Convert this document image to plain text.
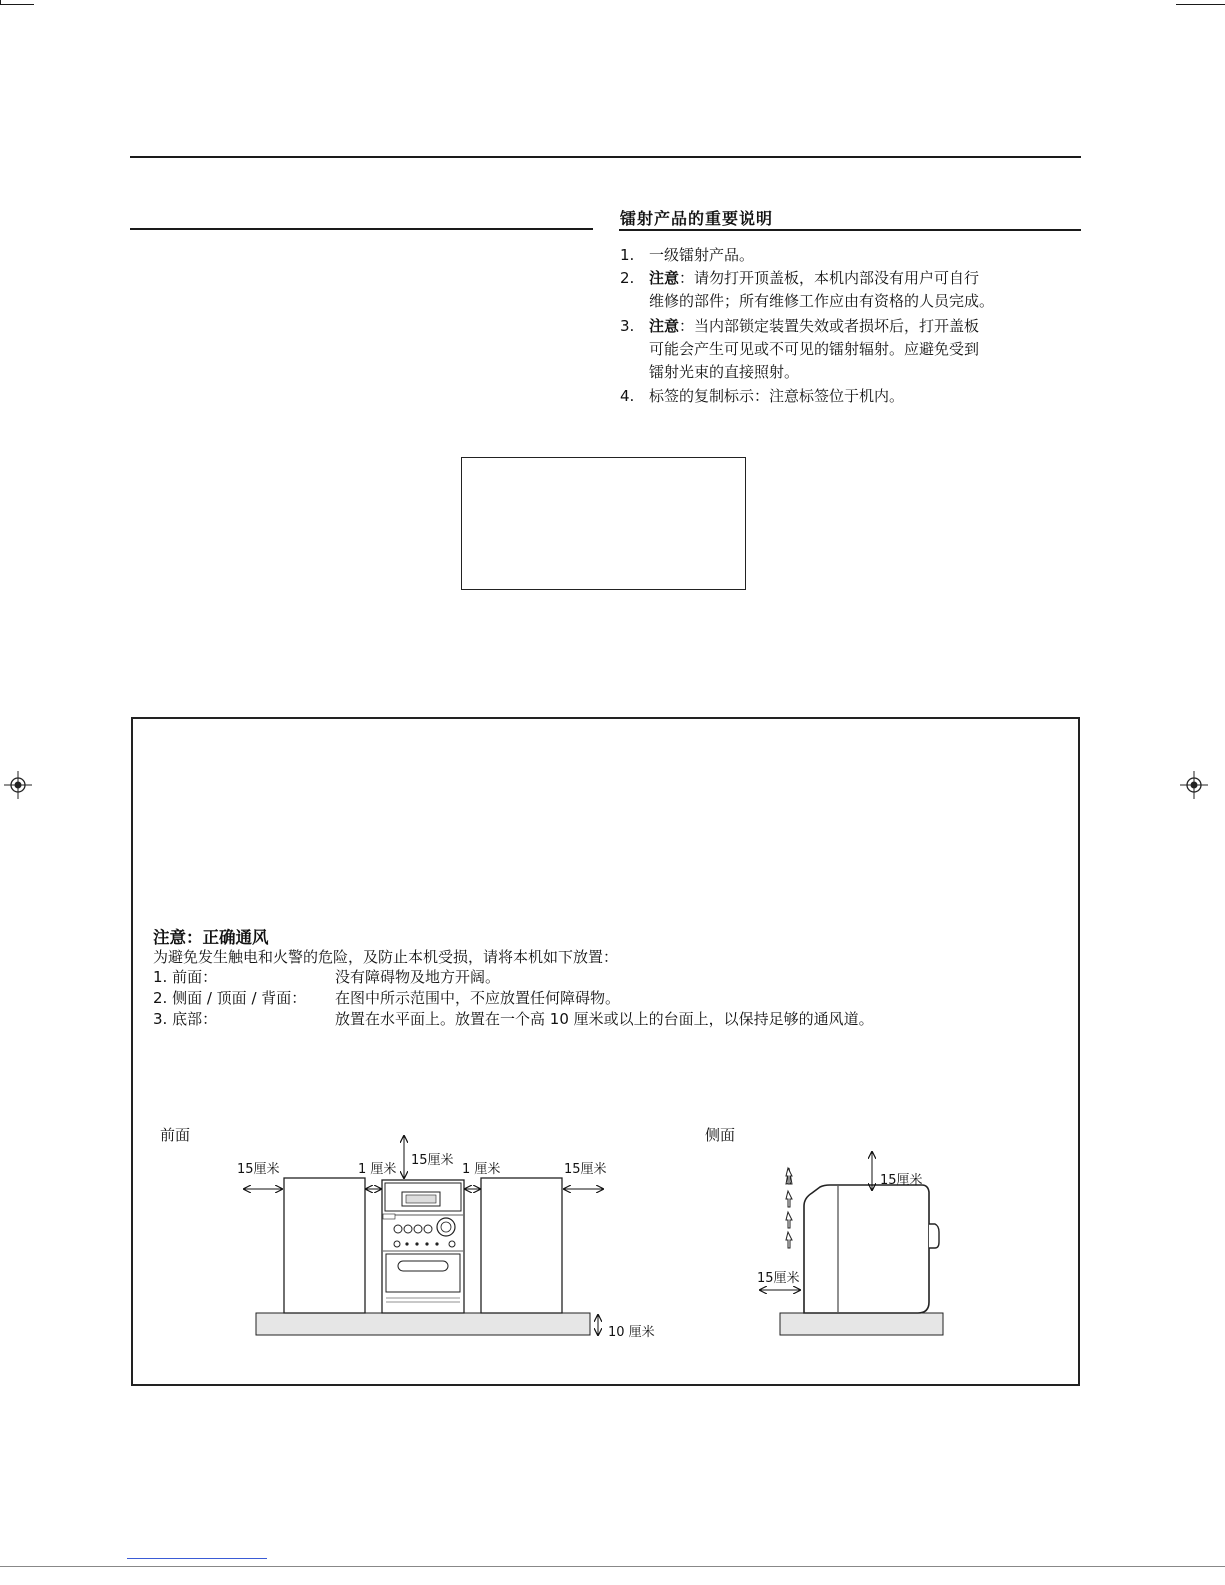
镭射产品的重要说明
1. 一级镭射产品。
2. 注意：请勿打开顶盖板，本机内部没有用户可自行
维修的部件；所有维修工作应由有资格的人员完成。
3. 注意：当内部锁定装置失效或者损坏后，打开盖板
可能会产生可见或不可见的镭射辐射。应避免受到
镭射光束的直接照射。
4. 标签的复制标示：注意标签位于机内。
注意：正确通风
为避免发生触电和火警的危险，及防止本机受损，请将本机如下放置：
1. 前面：	没有障碍物及地方开阔。
2. 侧面 / 顶面 / 背面： 在图中所示范围中，不应放置任何障碍物。
3. 底部：	放置在水平面上。放置在一个高 10 厘米或以上的台面上，以保持足够的通风道。
前面	侧面
15厘米	1 厘米
15厘米
1 厘米	15厘米
10 厘米
15厘米
15厘米
